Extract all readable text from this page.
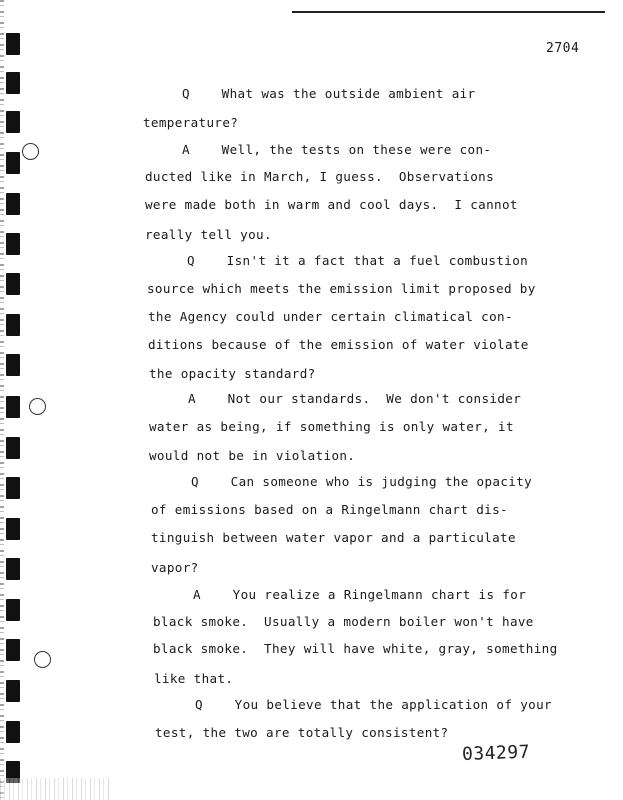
2704
Q    What was the outside ambient air
temperature?
A    Well, the tests on these were con-
ducted like in March, I guess.  Observations
were made both in warm and cool days.  I cannot
really tell you.
Q    Isn't it a fact that a fuel combustion
source which meets the emission limit proposed by
the Agency could under certain climatical con-
ditions because of the emission of water violate
the opacity standard?
A    Not our standards.  We don't consider
water as being, if something is only water, it
would not be in violation.
Q    Can someone who is judging the opacity
of emissions based on a Ringelmann chart dis-
tinguish between water vapor and a particulate
vapor?
A    You realize a Ringelmann chart is for
black smoke.  Usually a modern boiler won't have
black smoke.  They will have white, gray, something
like that.
Q    You believe that the application of your
test, the two are totally consistent?
034297
